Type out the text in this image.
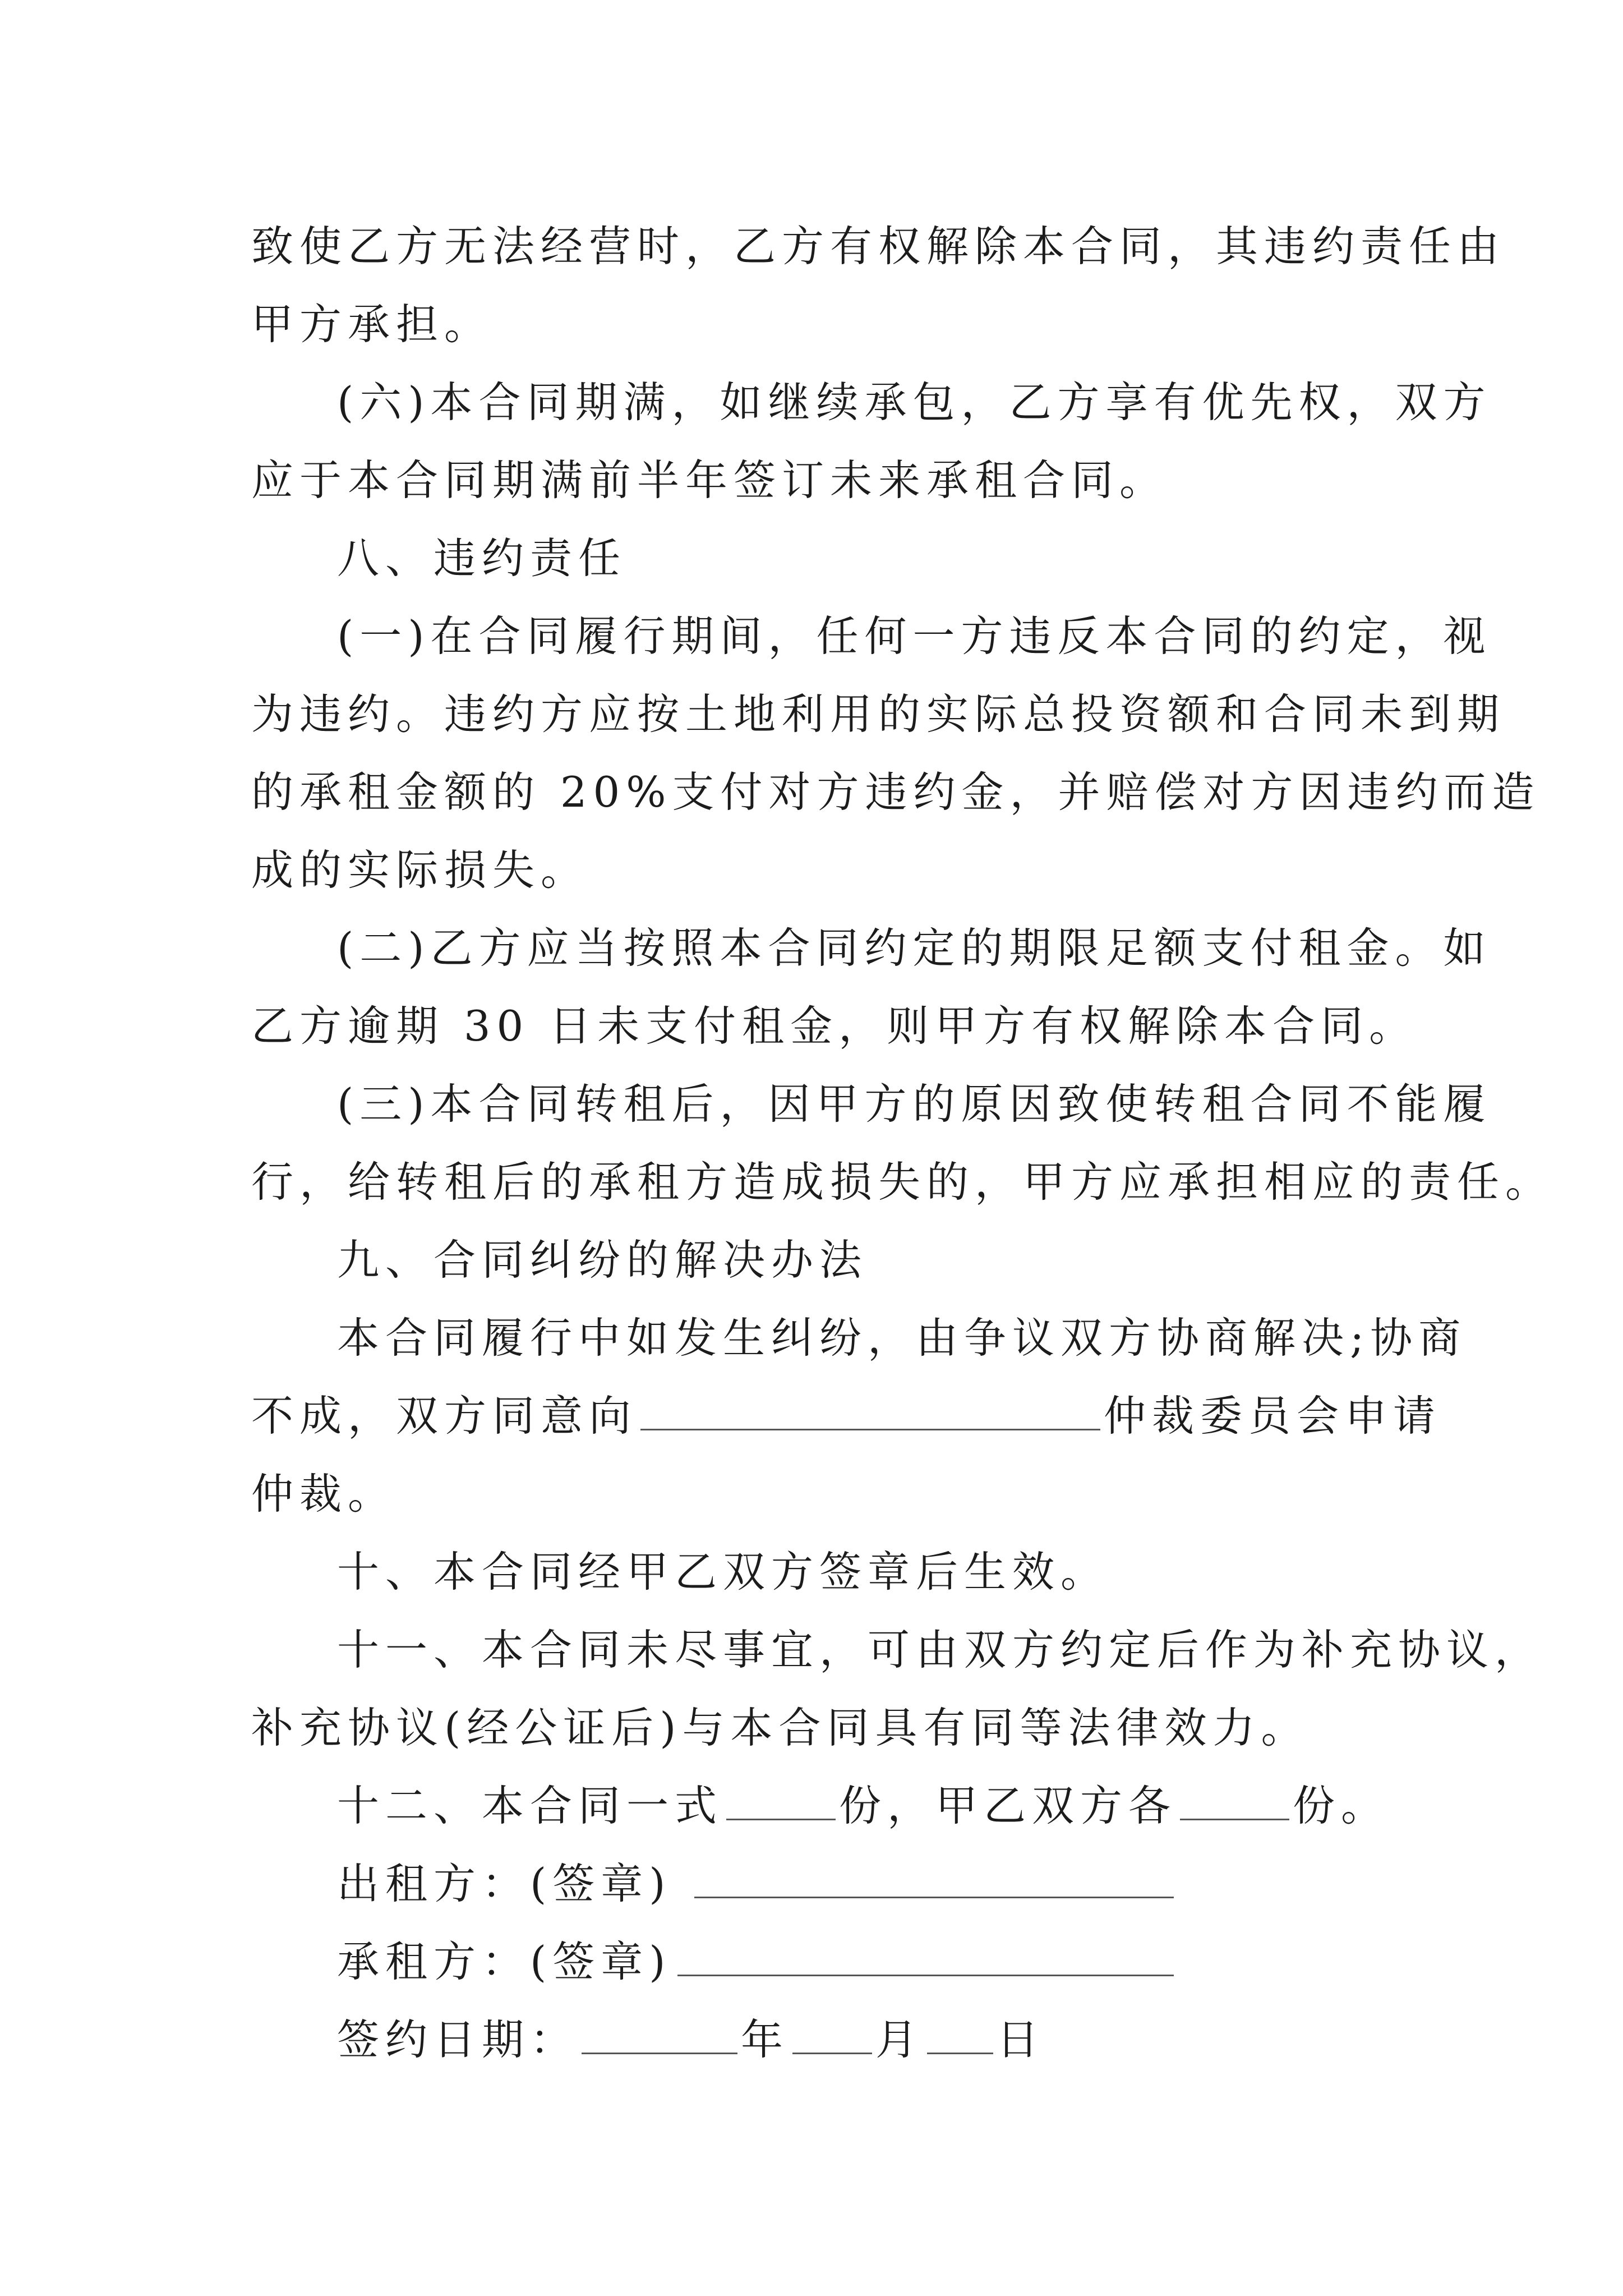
致使乙方无法经营时，乙方有权解除本合同，其违约责任由
甲方承担。
(六)本合同期满，如继续承包，乙方享有优先权，双方
应于本合同期满前半年签订未来承租合同。
八、违约责任
(一)在合同履行期间，任何一方违反本合同的约定，视
为违约。违约方应按土地利用的实际总投资额和合同未到期
的承租金额的 20%支付对方违约金，并赔偿对方因违约而造
成的实际损失。
(二)乙方应当按照本合同约定的期限足额支付租金。如
乙方逾期 30 日未支付租金，则甲方有权解除本合同。
(三)本合同转租后，因甲方的原因致使转租合同不能履
行，给转租后的承租方造成损失的，甲方应承担相应的责任。
九、合同纠纷的解决办法
本合同履行中如发生纠纷，由争议双方协商解决;协商
不成，双方同意向	仲裁委员会申请
仲裁。
十、本合同经甲乙双方签章后生效。
十一、本合同未尽事宜，可由双方约定后作为补充协议，
补充协议(经公证后)与本合同具有同等法律效力。
十二、本合同一式	份，甲乙双方各	份。
出租方：(签章)
承租方：(签章)
签约日期：	年 月 日
